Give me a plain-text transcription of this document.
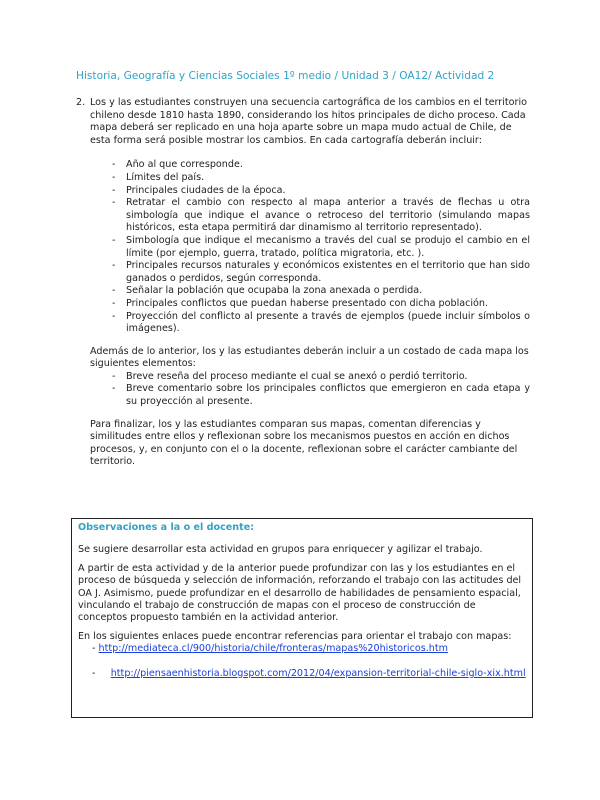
Historia, Geografía y Ciencias Sociales 1º medio / Unidad 3 / OA12/ Actividad 2
2. Los y las estudiantes construyen una secuencia cartográfica de los cambios en el territorio chileno desde 1810 hasta 1890, considerando los hitos principales de dicho proceso. Cada mapa deberá ser replicado en una hoja aparte sobre un mapa mudo actual de Chile, de esta forma será posible mostrar los cambios. En cada cartografía deberán incluir:
- Año al que corresponde.
- Límites del país.
- Principales ciudades de la época.
- Retratar el cambio con respecto al mapa anterior a través de flechas u otra simbología que indique el avance o retroceso del territorio (simulando mapas históricos, esta etapa permitirá dar dinamismo al territorio representado).
- Simbología que indique el mecanismo a través del cual se produjo el cambio en el límite (por ejemplo, guerra, tratado, política migratoria, etc. ).
- Principales recursos naturales y económicos existentes en el territorio que han sido ganados o perdidos, según corresponda.
- Señalar la población que ocupaba la zona anexada o perdida.
- Principales conflictos que puedan haberse presentado con dicha población.
- Proyección del conflicto al presente a través de ejemplos (puede incluir símbolos o imágenes).

Además de lo anterior, los y las estudiantes deberán incluir a un costado de cada mapa los siguientes elementos:

- Breve reseña del proceso mediante el cual se anexó o perdió territorio.
- Breve comentario sobre los principales conflictos que emergieron en cada etapa y su proyección al presente.

Para finalizar, los y las estudiantes comparan sus mapas, comentan diferencias y similitudes entre ellos y reflexionan sobre los mecanismos puestos en acción en dichos procesos, y, en conjunto con el o la docente, reflexionan sobre el carácter cambiante del territorio.

Observaciones a la o el docente:

Se sugiere desarrollar esta actividad en grupos para enriquecer y agilizar el trabajo.

A partir de esta actividad y de la anterior puede profundizar con las y los estudiantes en el proceso de búsqueda y selección de información, reforzando el trabajo con las actitudes del OA J. Asimismo, puede profundizar en el desarrollo de habilidades de pensamiento espacial, vinculando el trabajo de construcción de mapas con el proceso de construcción de conceptos propuesto también en la actividad anterior.

En los siguientes enlaces puede encontrar referencias para orientar el trabajo con mapas:

- http://mediateca.cl/900/historia/chile/fronteras/mapas%20historicos.htm
-     http://piensaenhistoria.blogspot.com/2012/04/expansion-territorial-chile-siglo-xix.html
